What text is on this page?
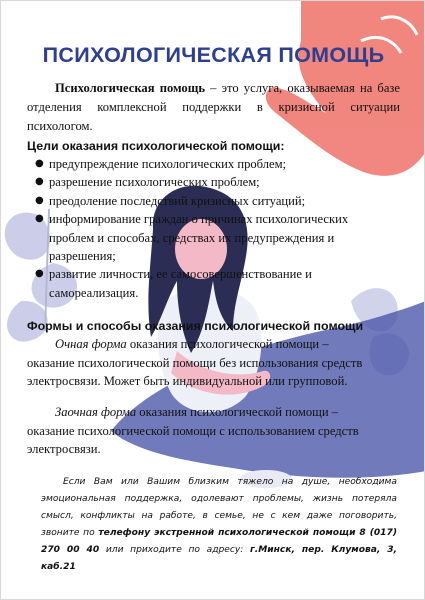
ПСИХОЛОГИЧЕСКАЯ ПОМОЩЬ

Психологическая помощь – это услуга, оказываемая на базе отделения комплексной поддержки в кризисной ситуации психологом.

Цели оказания психологической помощи:
● предупреждение психологических проблем;
● разрешение психологических проблем;
● преодоление последствий кризисных ситуаций;
● информирование граждан о причинах психологических проблем и способах, средствах их предупреждения и разрешения;
● развитие личности, ее самосовершенствование и самореализация.
Формы и способы оказания психологической помощи

Очная форма оказания психологической помощи – оказание психологической помощи без использования средств электросвязи. Может быть индивидуальной или групповой.

Заочная форма оказания психологической помощи – оказание психологической помощи с использованием средств электросвязи.

Если Вам или Вашим близким тяжело на душе, необходима эмоциональная поддержка, одолевают проблемы, жизнь потеряла смысл, конфликты на работе, в семье, не с кем даже поговорить, звоните по телефону экстренной психологической помощи 8 (017) 270 00 40 или приходите по адресу: г.Минск, пер. Клумова, 3, каб.21
